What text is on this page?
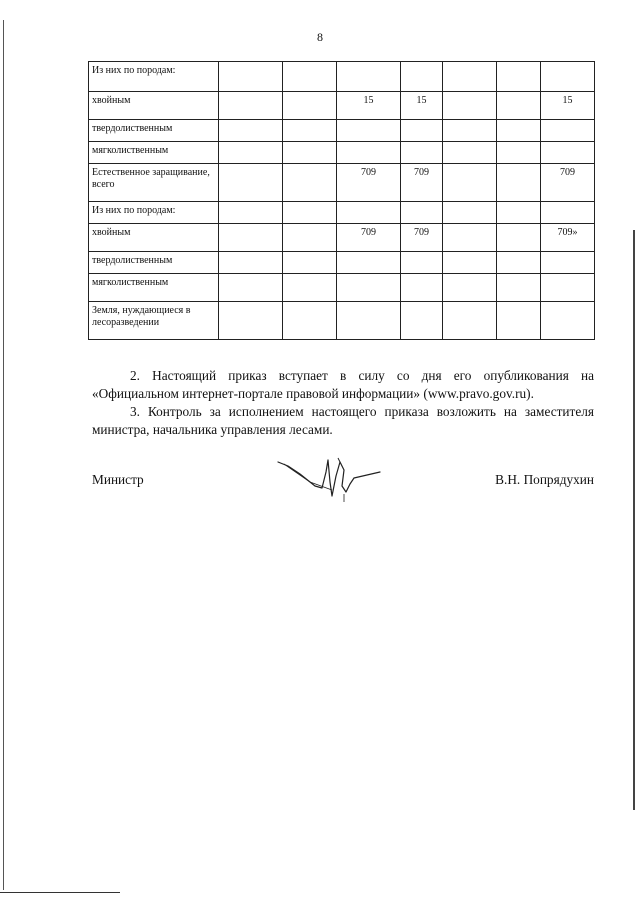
8
Из них по породам:							
хвойным			15	15			15
твердолиственным							
мягколиственным							
Естественное заращивание, всего			709	709			709
Из них по породам:							
хвойным			709	709			709»
твердолиственным							
мягколиственным							
Земля, нуждающиеся в лесоразведении							

2. Настоящий приказ вступает в силу со дня его опубликования на «Официальном интернет-портале правовой информации» (www.pravo.gov.ru).

3. Контроль за исполнением настоящего приказа возложить на заместителя министра, начальника управления лесами.

Министр	В.Н. Попрядухин
